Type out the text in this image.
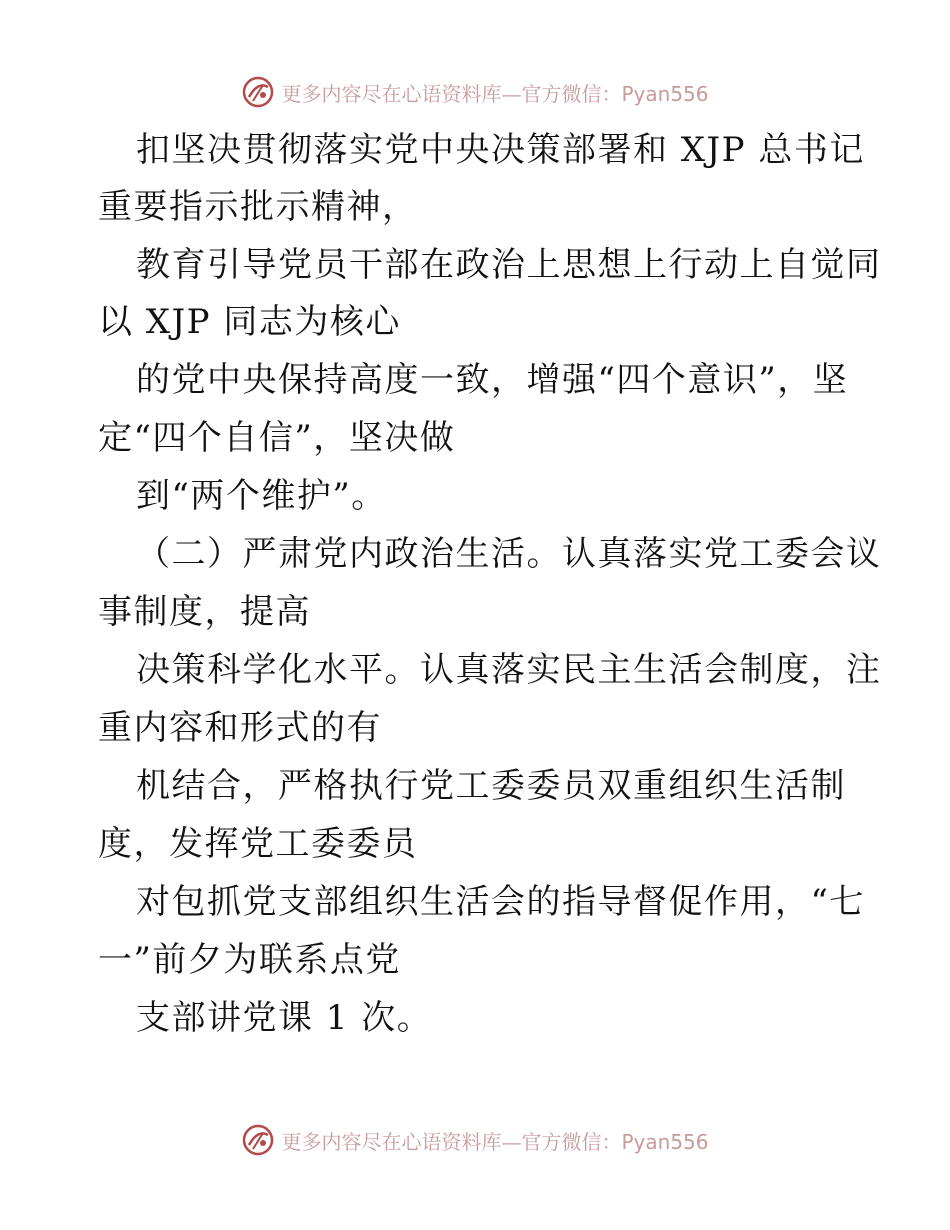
更多内容尽在心语资料库—官方微信：Pyan556
扣坚决贯彻落实党中央决策部署和 XJP 总书记
重要指示批示精神，
教育引导党员干部在政治上思想上行动上自觉同
以 XJP 同志为核心
的党中央保持高度一致，增强“四个意识”，坚
定“四个自信”，坚决做
到“两个维护”。
（二）严肃党内政治生活。认真落实党工委会议
事制度，提高
决策科学化水平。认真落实民主生活会制度，注
重内容和形式的有
机结合，严格执行党工委委员双重组织生活制
度，发挥党工委委员
对包抓党支部组织生活会的指导督促作用，“七
一”前夕为联系点党
支部讲党课 1 次。
更多内容尽在心语资料库—官方微信：Pyan556
